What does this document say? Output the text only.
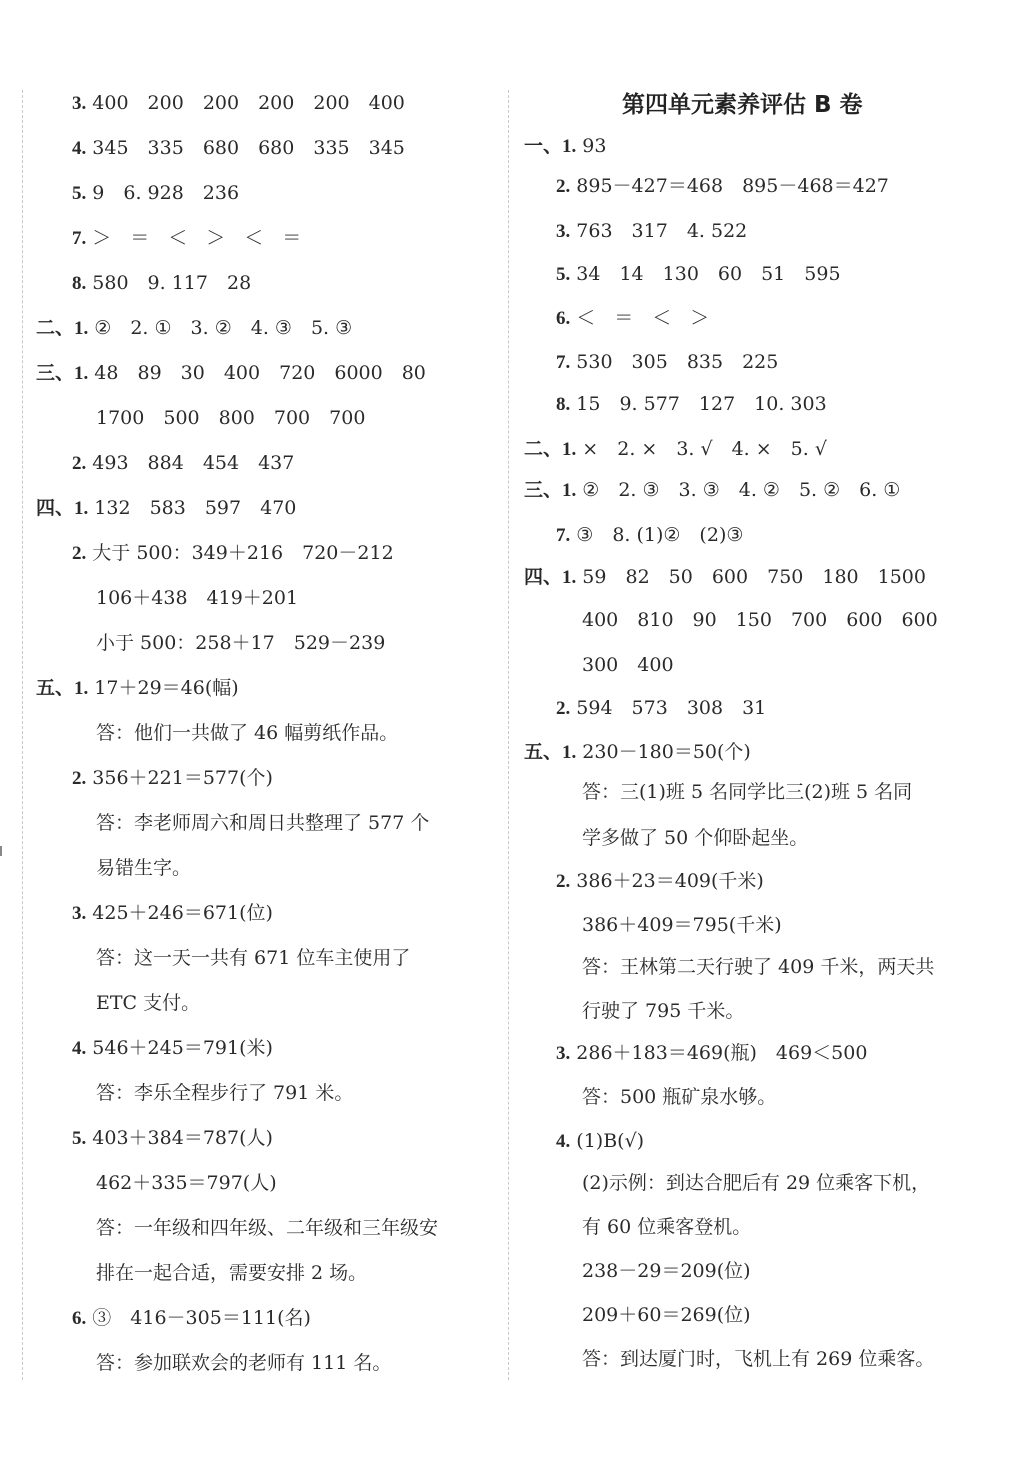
第四单元素养评估 B 卷
3. 400　200　200　200　200　400
4. 345　335　680　680　335　345
5. 9　6. 928　236
7. ＞　＝　＜　＞　＜　＝
8. 580　9. 117　28
二、1. ②　2. ①　3. ②　4. ③　5. ③
三、1. 48　89　30　400　720　6000　80
1700　500　800　700　700
2. 493　884　454　437
四、1. 132　583　597　470
2. 大于 500：349＋216　720－212
106＋438　419＋201
小于 500：258＋17　529－239
五、1. 17＋29＝46(幅)
答：他们一共做了 46 幅剪纸作品。
2. 356＋221＝577(个)
答：李老师周六和周日共整理了 577 个
易错生字。
3. 425＋246＝671(位)
答：这一天一共有 671 位车主使用了
ETC 支付。
4. 546＋245＝791(米)
答：李乐全程步行了 791 米。
5. 403＋384＝787(人)
462＋335＝797(人)
答：一年级和四年级、二年级和三年级安
排在一起合适，需要安排 2 场。
6. ③　416－305＝111(名)
答：参加联欢会的老师有 111 名。
一、1. 93
2. 895－427＝468　895－468＝427
3. 763　317　4. 522
5. 34　14　130　60　51　595
6. ＜　＝　＜　＞
7. 530　305　835　225
8. 15　9. 577　127　10. 303
二、1. ×　2. ×　3. √　4. ×　5. √
三、1. ②　2. ③　3. ③　4. ②　5. ②　6. ①
7. ③　8. (1)②　(2)③
四、1. 59　82　50　600　750　180　1500
400　810　90　150　700　600　600
300　400
2. 594　573　308　31
五、1. 230－180＝50(个)
答：三(1)班 5 名同学比三(2)班 5 名同
学多做了 50 个仰卧起坐。
2. 386＋23＝409(千米)
386＋409＝795(千米)
答：王林第二天行驶了 409 千米，两天共
行驶了 795 千米。
3. 286＋183＝469(瓶)　469＜500
答：500 瓶矿泉水够。
4. (1)B(√)
(2)示例：到达合肥后有 29 位乘客下机，
有 60 位乘客登机。
238－29＝209(位)
209＋60＝269(位)
答：到达厦门时，飞机上有 269 位乘客。
